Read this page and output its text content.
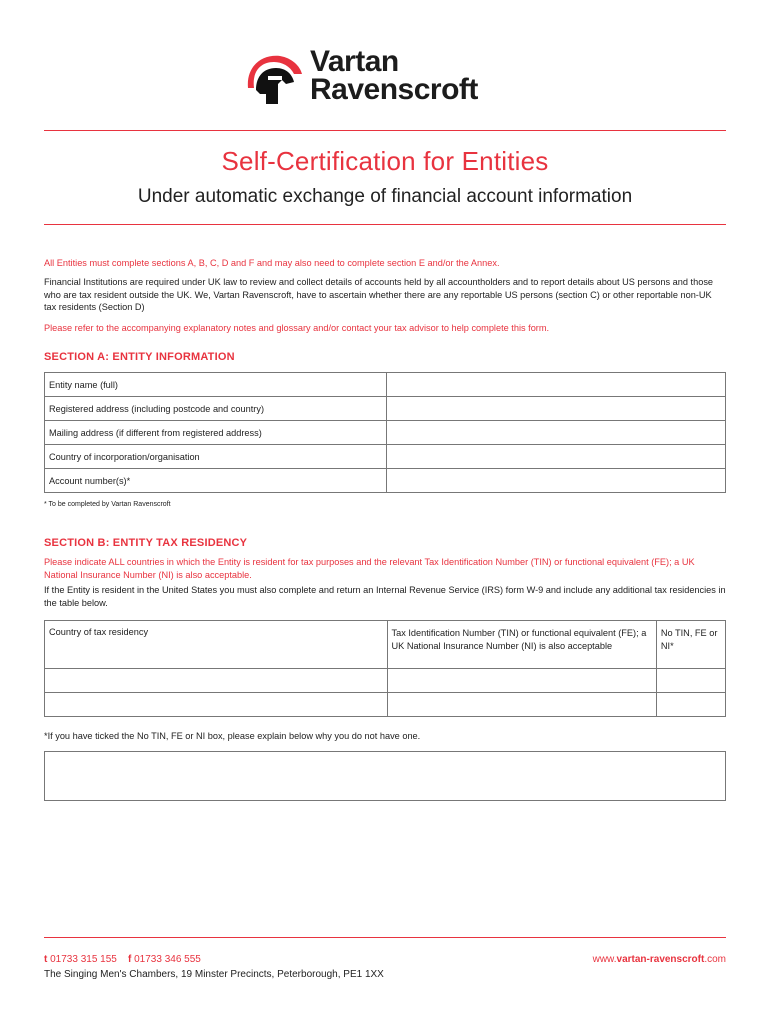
Vartan
Ravenscroft
Self-Certification for Entities
Under automatic exchange of financial account information
All Entities must complete sections A, B, C, D and F and may also need to complete section E and/or the Annex.
Financial Institutions are required under UK law to review and collect details of accounts held by all accountholders and to report details about US persons and those who are tax resident outside the UK. We, Vartan Ravenscroft, have to ascertain whether there are any reportable US persons (section C) or other reportable non-UK tax residents (Section D)
Please refer to the accompanying explanatory notes and glossary and/or contact your tax advisor to help complete this form.
SECTION A: ENTITY INFORMATION
Entity name (full)	
Registered address (including postcode and country)	
Mailing address (if different from registered address)	
Country of incorporation/organisation	
Account number(s)*	
* To be completed by Vartan Ravenscroft
SECTION B: ENTITY TAX RESIDENCY
Please indicate ALL countries in which the Entity is resident for tax purposes and the relevant Tax Identification Number (TIN) or functional equivalent (FE); a UK National Insurance Number (NI) is also acceptable.
If the Entity is resident in the United States you must also complete and return an Internal Revenue Service (IRS) form W-9 and include any additional tax residencies in the table below.
Country of tax residency	Tax Identification Number (TIN) or functional equivalent (FE); a UK National Insurance Number (NI) is also acceptable	No TIN, FE or NI*

*If you have ticked the No TIN, FE or NI box, please explain below why you do not have one.
t 01733 315 155 f 01733 346 555
The Singing Men's Chambers, 19 Minster Precincts, Peterborough, PE1 1XX
www.vartan-ravenscroft.com
